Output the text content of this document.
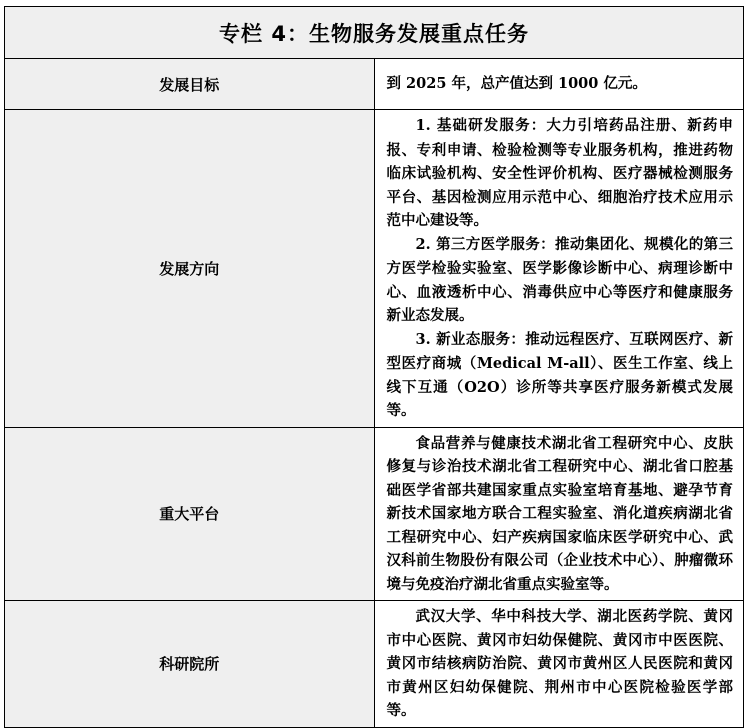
专栏 4：生物服务发展重点任务	
发展目标	到 2025 年，总产值达到 1000 亿元。

发展方向	1. 基础研发服务：大力引培药品注册、新药申报、专利申请、检验检测等专业服务机构，推进药物临床试验机构、安全性评价机构、医疗器械检测服务平台、基因检测应用示范中心、细胞治疗技术应用示范中心建设等。

2. 第三方医学服务：推动集团化、规模化的第三方医学检验实验室、医学影像诊断中心、病理诊断中心、血液透析中心、消毒供应中心等医疗和健康服务新业态发展。

3. 新业态服务：推动远程医疗、互联网医疗、新型医疗商城（Medical M-all）、医生工作室、线上线下互通（O2O）诊所等共享医疗服务新模式发展等。

重大平台	食品营养与健康技术湖北省工程研究中心、皮肤修复与诊治技术湖北省工程研究中心、湖北省口腔基础医学省部共建国家重点实验室培育基地、避孕节育新技术国家地方联合工程实验室、消化道疾病湖北省工程研究中心、妇产疾病国家临床医学研究中心、武汉科前生物股份有限公司（企业技术中心）、肿瘤微环境与免疫治疗湖北省重点实验室等。

科研院所	武汉大学、华中科技大学、湖北医药学院、黄冈市中心医院、黄冈市妇幼保健院、黄冈市中医医院、黄冈市结核病防治院、黄冈市黄州区人民医院和黄冈市黄州区妇幼保健院、荆州市中心医院检验医学部等。
